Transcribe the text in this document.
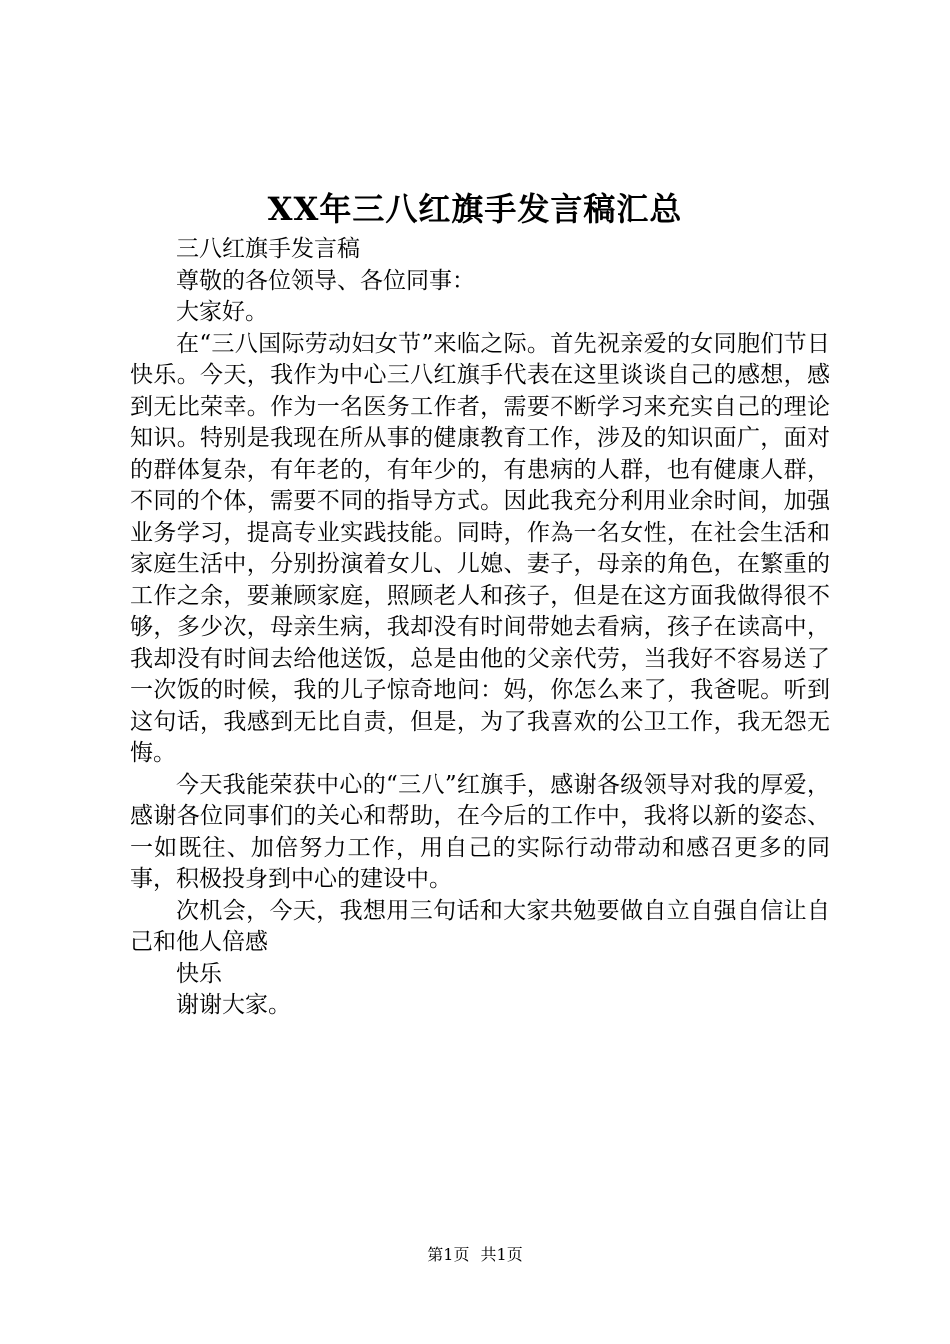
XX年三八红旗手发言稿汇总

三八红旗手发言稿

尊敬的各位领导、各位同事：

大家好。

在“三八国际劳动妇女节”来临之际。首先祝亲爱的女同胞们节日快乐。今天，我作为中心三八红旗手代表在这里谈谈自己的感想，感到无比荣幸。作为一名医务工作者，需要不断学习来充实自己的理论知识。特别是我现在所从事的健康教育工作，涉及的知识面广，面对的群体复杂，有年老的，有年少的，有患病的人群，也有健康人群，不同的个体，需要不同的指导方式。因此我充分利用业余时间，加强业务学习，提高专业实践技能。同時，作為一名女性，在社会生活和家庭生活中，分别扮演着女儿、儿媳、妻子，母亲的角色，在繁重的工作之余，要兼顾家庭，照顾老人和孩子，但是在这方面我做得很不够，多少次，母亲生病，我却没有时间带她去看病，孩子在读高中，我却没有时间去给他送饭，总是由他的父亲代劳，当我好不容易送了一次饭的时候，我的儿子惊奇地问：妈，你怎么来了，我爸呢。听到这句话，我感到无比自责，但是，为了我喜欢的公卫工作，我无怨无悔。

今天我能荣获中心的“三八”红旗手，感谢各级领导对我的厚爱，感谢各位同事们的关心和帮助，在今后的工作中，我将以新的姿态、一如既往、加倍努力工作，用自己的实际行动带动和感召更多的同事，积极投身到中心的建设中。

次机会，今天，我想用三句话和大家共勉要做自立自强自信让自己和他人倍感

快乐

谢谢大家。

第1页 共1页
